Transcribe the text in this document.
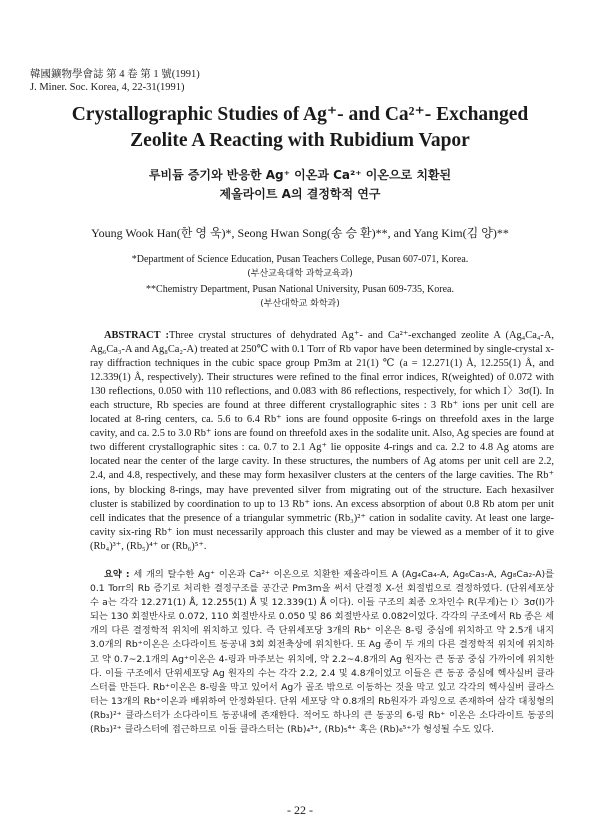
韓國鑛物學會誌 第 4 卷 第 1 號(1991)
J. Miner. Soc. Korea, 4, 22-31(1991)
Crystallographic Studies of Ag⁺- and Ca²⁺- Exchanged
Zeolite A Reacting with Rubidium Vapor
루비듐 증기와 반응한 Ag⁺ 이온과 Ca²⁺ 이온으로 치환된
제올라이트 A의 결정학적 연구
Young Wook Han(한 영 욱)*, Seong Hwan Song(송 승 환)**, and Yang Kim(김 양)**
*Department of Science Education, Pusan Teachers College, Pusan 607-071, Korea.
(부산교육대학 과학교육과)
**Chemistry Department, Pusan National University, Pusan 609-735, Korea.
(부산대학교 화학과)
ABSTRACT :Three crystal structures of dehydrated Ag⁺- and Ca²⁺-exchanged zeolite A (Ag₄Ca₄-A, Ag₆Ca₃-A and Ag₈Ca₂-A) treated at 250℃ with 0.1 Torr of Rb vapor have been determined by single-crystal x-ray diffraction techniques in the cubic space group Pm3m at 21(1) ℃ (a = 12.271(1) Å, 12.255(1) Å, and 12.339(1) Å, respectively). Their structures were refined to the final error indices, R(weighted) of 0.072 with 130 reflections, 0.050 with 110 reflections, and 0.083 with 86 reflections, respectively, for which I〉3σ(I). In each structure, Rb species are found at three different crystallographic sites : 3 Rb⁺ ions per unit cell are located at 8-ring centers, ca. 5.6 to 6.4 Rb⁺ ions are found opposite 6-rings on threefold axes in the large cavity, and ca. 2.5 to 3.0 Rb⁺ ions are found on threefold axes in the sodalite unit. Also, Ag species are found at two different crystallographic sites : ca. 0.7 to 2.1 Ag⁺ lie opposite 4-rings and ca. 2.2 to 4.8 Ag atoms are located near the center of the large cavity. In these structures, the numbers of Ag atoms per unit cell are 2.2, 2.4, and 4.8, respectively, and these may form hexasilver clusters at the centers of the large cavities. The Rb⁺ ions, by blocking 8-rings, may have prevented silver from migrating out of the structure. Each hexasilver cluster is stabilized by coordination to up to 13 Rb⁺ ions. An excess absorption of about 0.8 Rb atom per unit cell indicates that the presence of a triangular symmetric (Rb₃)²⁺ cation in sodalite cavity. At least one large-cavity six-ring Rb⁺ ion must necessarily approach this cluster and may be viewed as a member of it to give (Rb₄)³⁺, (Rb₅)⁴⁺ or (Rb₆)⁵⁺.
요약 : 세 개의 탈수한 Ag⁺ 이온과 Ca²⁺ 이온으로 치환한 제올라이트 A (Ag₄Ca₄-A, Ag₆Ca₃-A, Ag₈Ca₂-A)를 0.1 Torr의 Rb 증기로 처리한 결정구조를 공간군 Pm3m을 써서 단결정 X-선 회절법으로 결정하였다. (단위세포상수 a는 각각 12.271(1) Å, 12.255(1) Å 및 12.339(1) Å 이다). 이들 구조의 최종 오차인수 R(무게)는 I〉3σ(I)가 되는 130 회절반사로 0.072, 110 회절반사로 0.050 및 86 회절반사로 0.082이었다. 각각의 구조에서 Rb 종은 세 개의 다른 결정학적 위치에 위치하고 있다. 즉 단위세포당 3개의 Rb⁺ 이온은 8-링 중심에 위치하고 약 2.5개 내지 3.0개의 Rb⁺이온은 소다라이트 동공내 3회 회전축상에 위치한다. 또 Ag 종이 두 개의 다른 결정학적 위치에 위치하고 약 0.7~2.1개의 Ag⁺이온은 4-링과 마주보는 위치에, 약 2.2~4.8개의 Ag 원자는 큰 동공 중심 가까이에 위치한다. 이들 구조에서 단위세포당 Ag 원자의 수는 각각 2.2, 2.4 및 4.8개이었고 이들은 큰 동공 중심에 헥사실버 클라스터를 만든다. Rb⁺이온은 8-링을 막고 있어서 Ag가 골조 밖으로 이동하는 것을 막고 있고 각각의 헥사실버 클라스터는 13개의 Rb⁺이온과 배위하여 안정화된다. 단위 세포당 약 0.8개의 Rb원자가 과잉으로 존재하여 삼각 대칭형의 (Rb₃)²⁺ 클라스터가 소다라이트 동공내에 존재한다. 적어도 하나의 큰 동공의 6-링 Rb⁺ 이온은 소다라이트 동공의 (Rb₃)²⁺ 클라스터에 접근하므로 이들 클라스터는 (Rb)₄³⁺, (Rb)₅⁴⁺ 혹은 (Rb)₆⁵⁺가 형성될 수도 있다.
- 22 -
